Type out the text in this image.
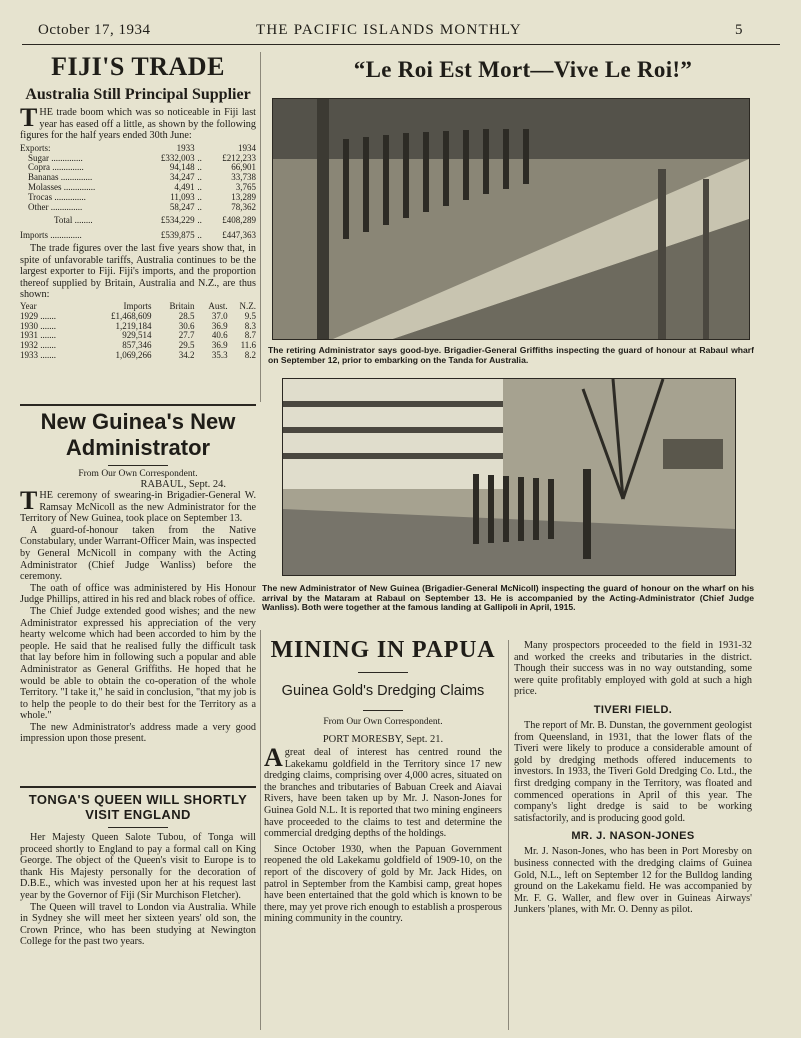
October 17, 1934	THE PACIFIC ISLANDS MONTHLY	5
FIJI'S TRADE
Australia Still Principal Supplier

THE trade boom which was so noticeable in Fiji last year has eased off a little, as shown by the following figures for the half years ended 30th June:

Exports:	1933		1934
Sugar ..............	£332,003	..	£212,233
Copra ..............	94,148	..	66,901
Bananas ..............	34,247	..	33,738
Molasses ..............	4,491	..	3,765
Trocas ..............	11,093	..	13,289
Other ..............	58,247	..	78,362

Total ........	£534,229	..	£408,289

Imports ..............	£539,875	..	£447,363

The trade figures over the last five years show that, in spite of unfavorable tariffs, Australia continues to be the largest exporter to Fiji. Fiji's imports, and the proportion thereof supplied by Britain, Australia and N.Z., are thus shown:

Year	Imports	Britain	Aust.	N.Z.
1929 .......	£1,468,609	28.5	37.0	9.5
1930 .......	1,219,184	30.6	36.9	8.3
1931 .......	929,514	27.7	40.6	8.7
1932 .......	857,346	29.5	36.9	11.6
1933 .......	1,069,266	34.2	35.3	8.2
New Guinea's New
Administrator
From Our Own Correspondent.
RABAUL, Sept. 24.

THE ceremony of swearing-in Brigadier-General W. Ramsay McNicoll as the new Administrator for the Territory of New Guinea, took place on September 13.

A guard-of-honour taken from the Native Constabulary, under Warrant-Officer Main, was inspected by General McNicoll in company with the Acting Administrator (Chief Judge Wanliss) before the ceremony.

The oath of office was administered by His Honour Judge Phillips, attired in his red and black robes of office.

The Chief Judge extended good wishes; and the new Administrator expressed his appreciation of the very hearty welcome which had been accorded to him by the people. He said that he realised fully the difficult task that lay before him in following such a popular and able Administrator as General Griffiths. He hoped that he would be able to obtain the co-operation of the whole Territory. "I take it," he said in conclusion, "that my job is to help the people to do their best for the Territory as a whole."

The new Administrator's address made a very good impression upon those present.

TONGA'S QUEEN WILL SHORTLY VISIT ENGLAND

Her Majesty Queen Salote Tubou, of Tonga will proceed shortly to England to pay a formal call on King George. The object of the Queen's visit to Europe is to thank His Majesty personally for the decoration of D.B.E., which was invested upon her at his request last year by the Governor of Fiji (Sir Murchison Fletcher).

The Queen will travel to London via Australia. While in Sydney she will meet her sixteen years' old son, the Crown Prince, who has been studying at Newington College for the past two years.

“Le Roi Est Mort—Vive Le Roi!”
The retiring Administrator says good-bye. Brigadier-General Griffiths inspecting the guard of honour at Rabaul wharf on September 12, prior to embarking on the Tanda for Australia.
The new Administrator of New Guinea (Brigadier-General McNicoll) inspecting the guard of honour on the wharf on his arrival by the Mataram at Rabaul on September 13. He is accompanied by the Acting-Administrator (Chief Judge Wanliss). Both were together at the famous landing at Gallipoli in April, 1915.
MINING IN PAPUA
Guinea Gold's Dredging Claims
From Our Own Correspondent.
PORT MORESBY, Sept. 21.

Agreat deal of interest has centred round the Lakekamu goldfield in the Territory since 17 new dredging claims, comprising over 4,000 acres, situated on the branches and tributaries of Babuan Creek and Aiavai Rivers, have been taken up by Mr. J. Nason-Jones for Guinea Gold N.L. It is reported that two mining engineers have proceeded to the claims to test and determine the commercial dredging depths of the holdings.

Since October 1930, when the Papuan Government reopened the old Lakekamu goldfield of 1909-10, on the report of the discovery of gold by Mr. Jack Hides, on patrol in September from the Kambisi camp, great hopes have been entertained that the gold which is known to be there, may yet prove rich enough to establish a prosperous mining community in the country.

Many prospectors proceeded to the field in 1931-32 and worked the creeks and tributaries in the district. Though their success was in no way outstanding, some were quite profitably employed with gold at such a high price.

TIVERI FIELD.

The report of Mr. B. Dunstan, the government geologist from Queensland, in 1931, that the lower flats of the Tiveri were likely to produce a considerable amount of gold by dredging methods offered inducements to investors. In 1933, the Tiveri Gold Dredging Co. Ltd., the first dredging company in the Territory, was floated and commenced operations in April of this year. The company's light dredge is said to be working satisfactorily, and is producing good gold.

MR. J. NASON-JONES

Mr. J. Nason-Jones, who has been in Port Moresby on business connected with the dredging claims of Guinea Gold, N.L., left on September 12 for the Bulldog landing ground on the Lakekamu field. He was accompanied by Mr. F. G. Waller, and flew over in Guineas Airways' Junkers 'planes, with Mr. O. Denny as pilot.
